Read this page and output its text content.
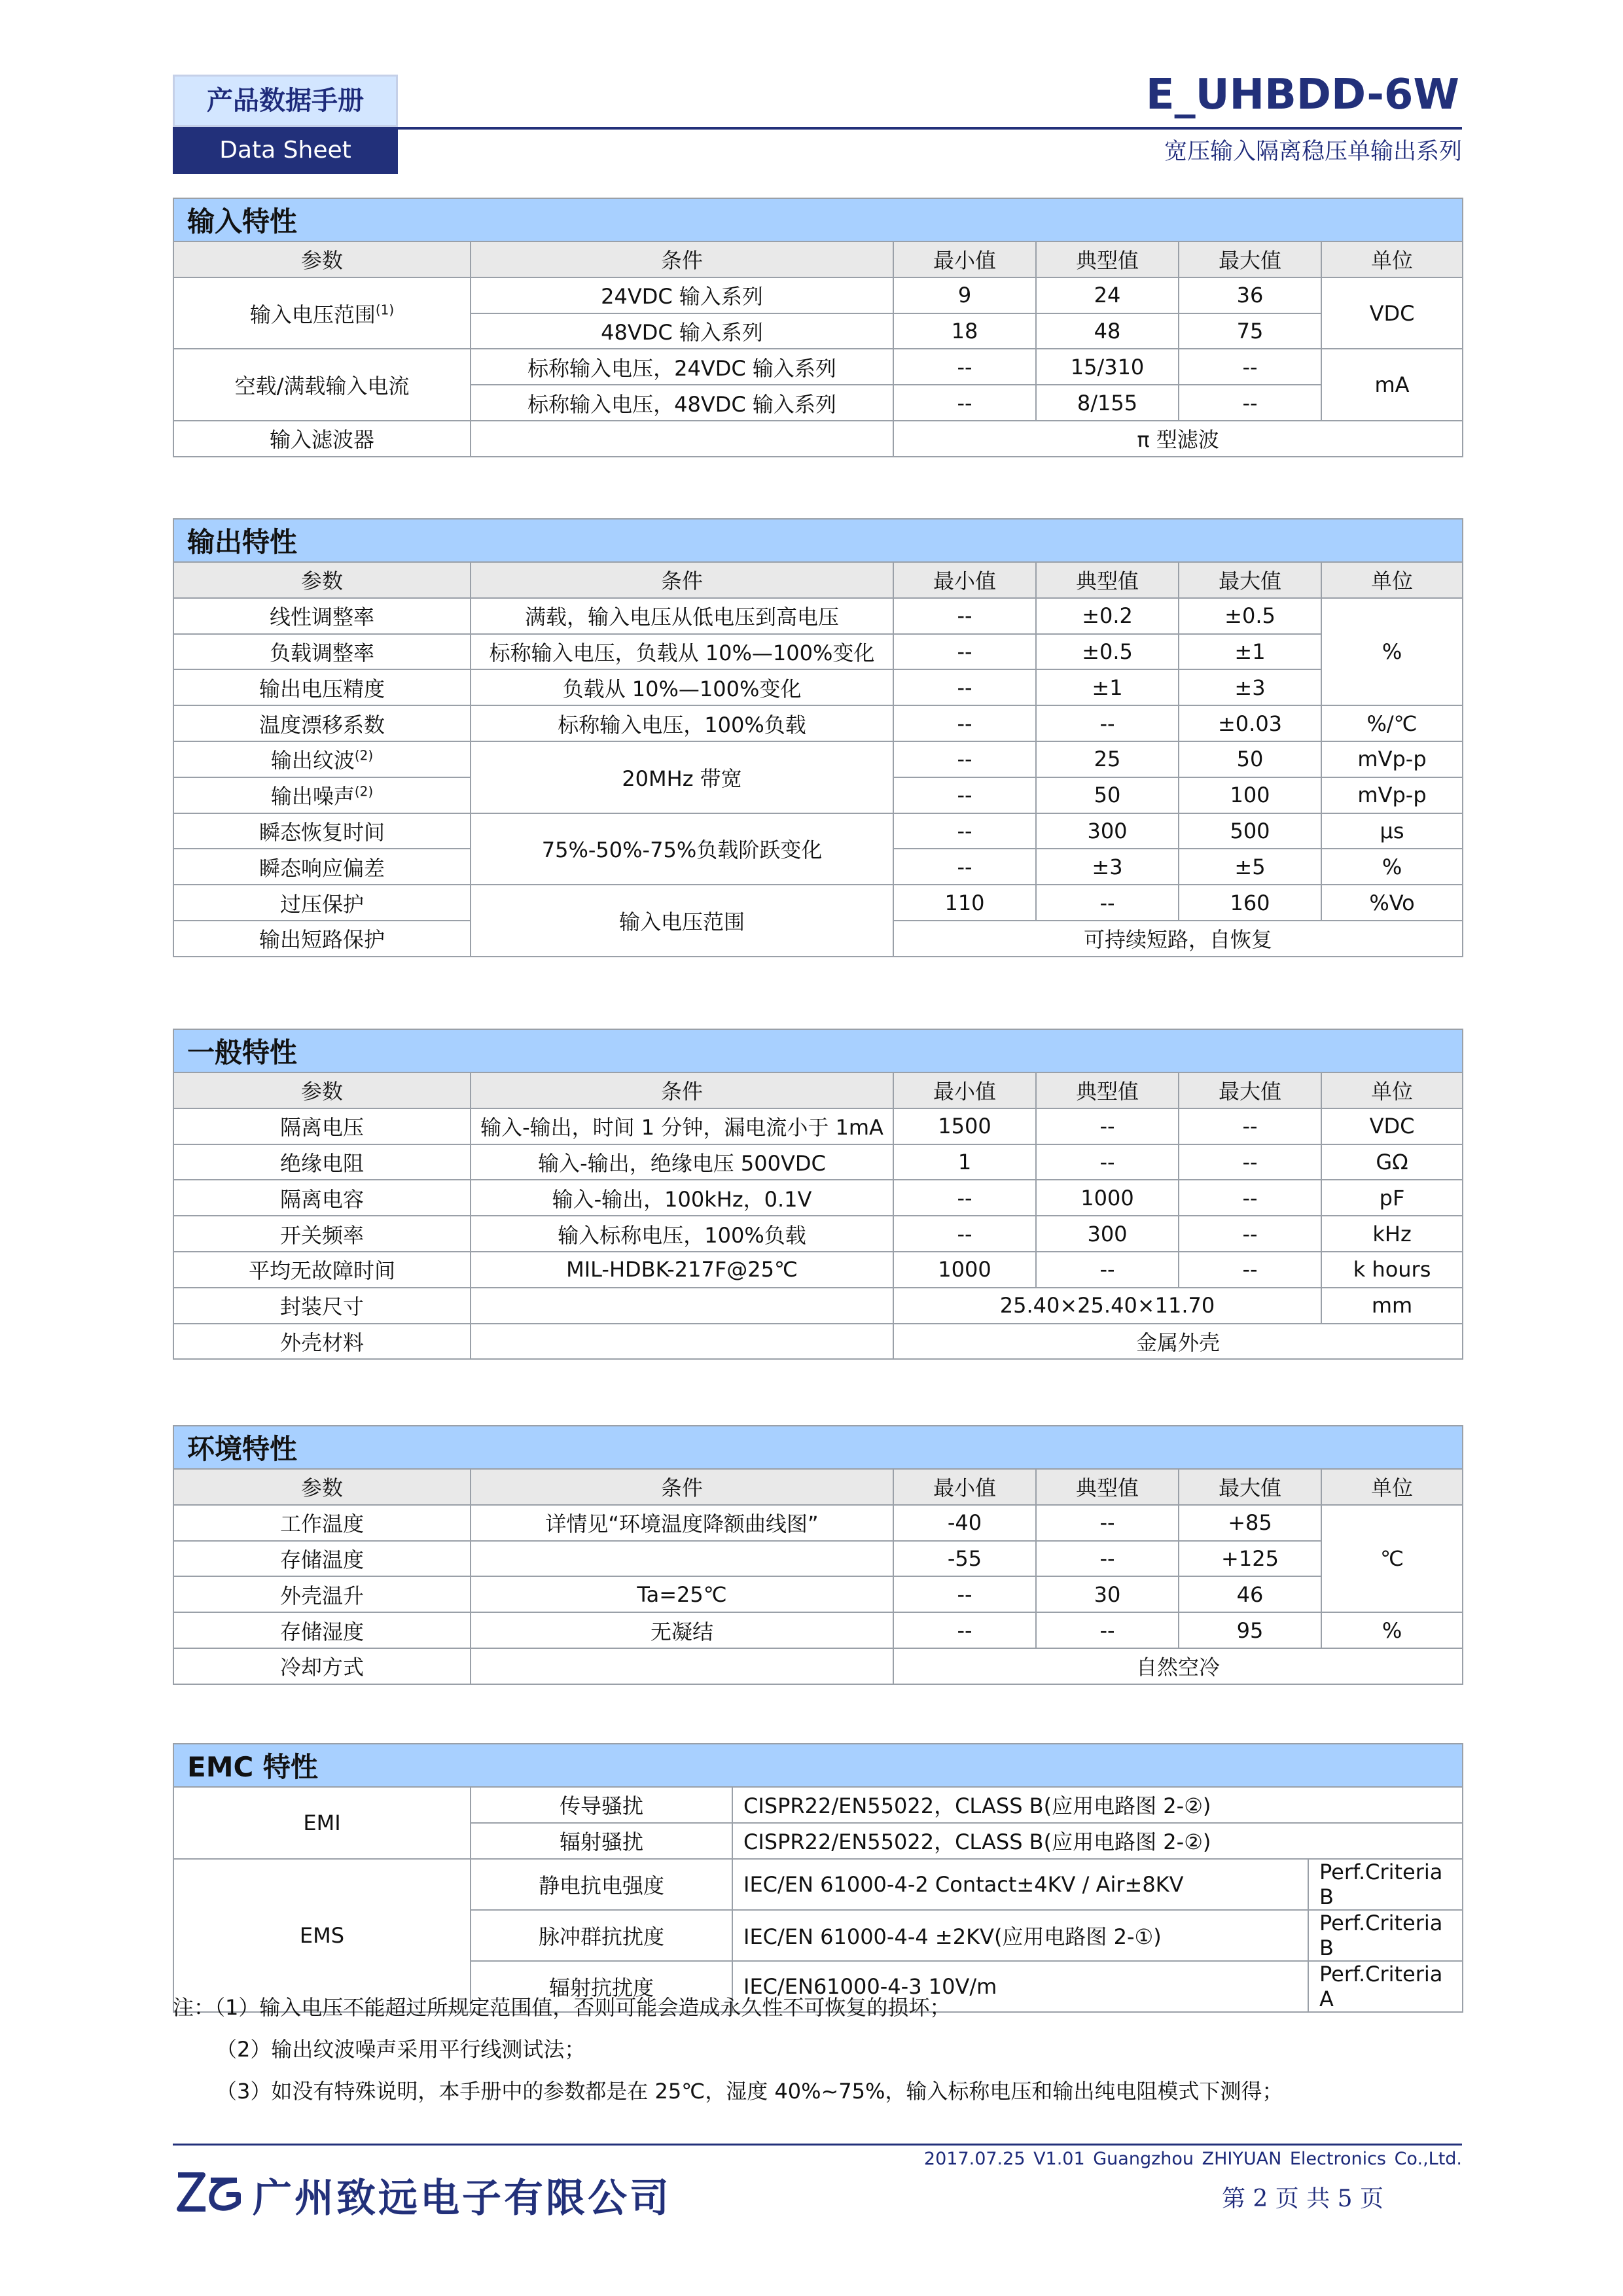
产品数据手册
Data Sheet
E_UHBDD-6W
宽压输入隔离稳压单输出系列
输入特性					
参数	条件	最小值	典型值	最大值	单位
输入电压范围$^{(1)}$	24VDC 输入系列	9	24	36	VDC
	48VDC 输入系列	18	48	75	
空载/满载输入电流	标称输入电压，24VDC 输入系列	--	15/310	--	mA
	标称输入电压，48VDC 输入系列	--	8/155	--	
输入滤波器		π 型滤波			
输出特性					
参数	条件	最小值	典型值	最大值	单位
线性调整率	满载，输入电压从低电压到高电压	--	±0.2	±0.5	%
负载调整率	标称输入电压，负载从 10%—100%变化	--	±0.5	±1	
输出电压精度	负载从 10%—100%变化	--	±1	±3	
温度漂移系数	标称输入电压，100%负载	--	--	±0.03	%/℃
输出纹波$^{(2)}$	20MHz 带宽	--	25	50	mVp-p
输出噪声$^{(2)}$		--	50	100	mVp-p
瞬态恢复时间	75%-50%-75%负载阶跃变化	--	300	500	μs
瞬态响应偏差		--	±3	±5	%
过压保护	输入电压范围	110	--	160	%Vo
输出短路保护		可持续短路，自恢复			
一般特性					
参数	条件	最小值	典型值	最大值	单位
隔离电压	输入-输出，时间 1 分钟，漏电流小于 1mA	1500	--	--	VDC
绝缘电阻	输入-输出，绝缘电压 500VDC	1	--	--	GΩ
隔离电容	输入-输出，100kHz，0.1V	--	1000	--	pF
开关频率	输入标称电压，100%负载	--	300	--	kHz
平均无故障时间	MIL-HDBK-217F@25℃	1000	--	--	k hours
封装尺寸		25.40×25.40×11.70			mm
外壳材料		金属外壳			
环境特性					
参数	条件	最小值	典型值	最大值	单位
工作温度	详情见“环境温度降额曲线图”	-40	--	+85	℃
存储温度		-55	--	+125	
外壳温升	Ta=25℃	--	30	46	
存储湿度	无凝结	--	--	95	%
冷却方式		自然空冷			
EMC 特性			
EMI	传导骚扰	CISPR22/EN55022，CLASS B(应用电路图 2-②)	
	辐射骚扰	CISPR22/EN55022，CLASS B(应用电路图 2-②)	
EMS	静电抗电强度	IEC/EN 61000-4-2 Contact±4KV / Air±8KV	Perf.Criteria B
	脉冲群抗扰度	IEC/EN 61000-4-4 ±2KV(应用电路图 2-①)	Perf.Criteria B
	辐射抗扰度	IEC/EN61000-4-3 10V/m	Perf.Criteria A
注：（1）输入电压不能超过所规定范围值，否则可能会造成永久性不可恢复的损坏；
（2）输出纹波噪声采用平行线测试法；
（3）如没有特殊说明，本手册中的参数都是在 25℃，湿度 40%~75%，输入标称电压和输出纯电阻模式下测得；
2017.07.25 V1.01 Guangzhou ZHIYUAN Electronics Co.,Ltd.
广州致远电子有限公司	第 2 页 共 5 页
